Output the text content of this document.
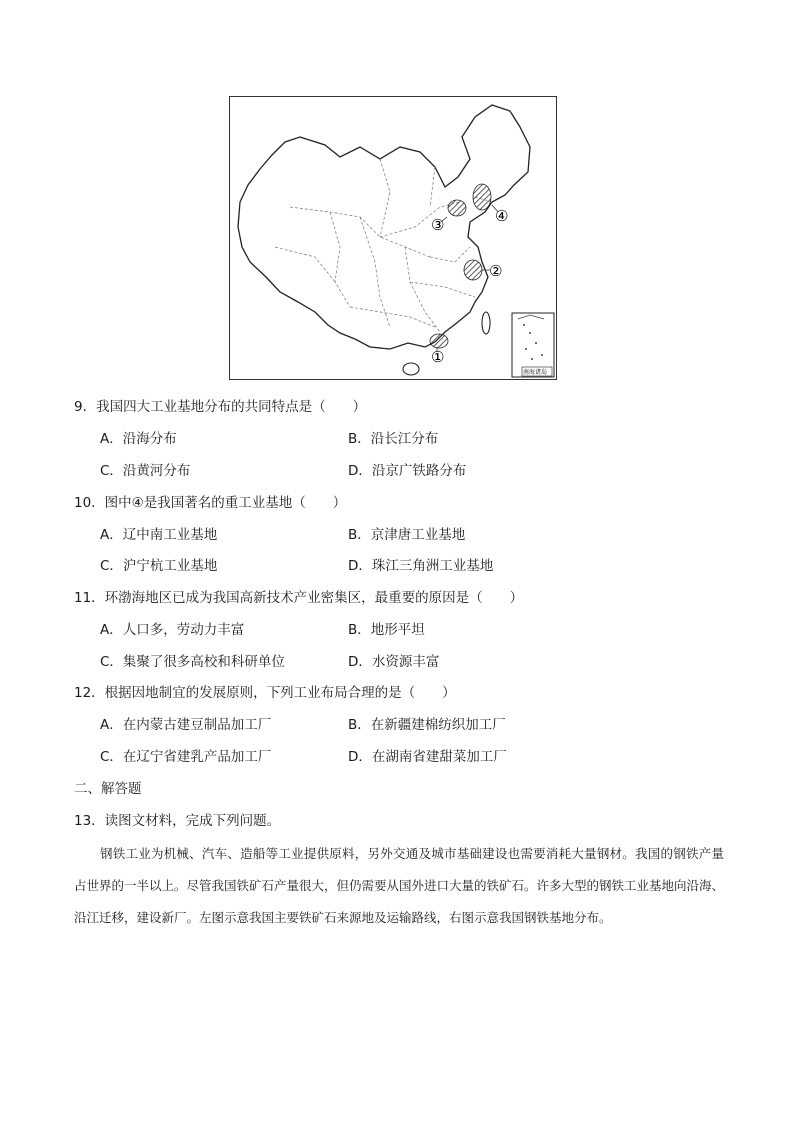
③	④
②
①
南海诸岛
9．我国四大工业基地分布的共同特点是（　　）
A．沿海分布	B．沿长江分布
C．沿黄河分布	D．沿京广铁路分布
10．图中④是我国著名的重工业基地（　　）
A．辽中南工业基地	B．京津唐工业基地
C．沪宁杭工业基地	D．珠江三角洲工业基地
11．环渤海地区已成为我国高新技术产业密集区，最重要的原因是（　　）
A．人口多，劳动力丰富	B．地形平坦
C．集聚了很多高校和科研单位	D．水资源丰富
12．根据因地制宜的发展原则，下列工业布局合理的是（　　）
A．在内蒙古建豆制品加工厂	B．在新疆建棉纺织加工厂
C．在辽宁省建乳产品加工厂	D．在湖南省建甜菜加工厂
二、解答题
13．读图文材料，完成下列问题。

钢铁工业为机械、汽车、造船等工业提供原料，另外交通及城市基础建设也需要消耗大量钢材。我国的钢铁产量占世界的一半以上。尽管我国铁矿石产量很大，但仍需要从国外进口大量的铁矿石。许多大型的钢铁工业基地向沿海、沿江迁移，建设新厂。左图示意我国主要铁矿石来源地及运输路线，右图示意我国钢铁基地分布。
